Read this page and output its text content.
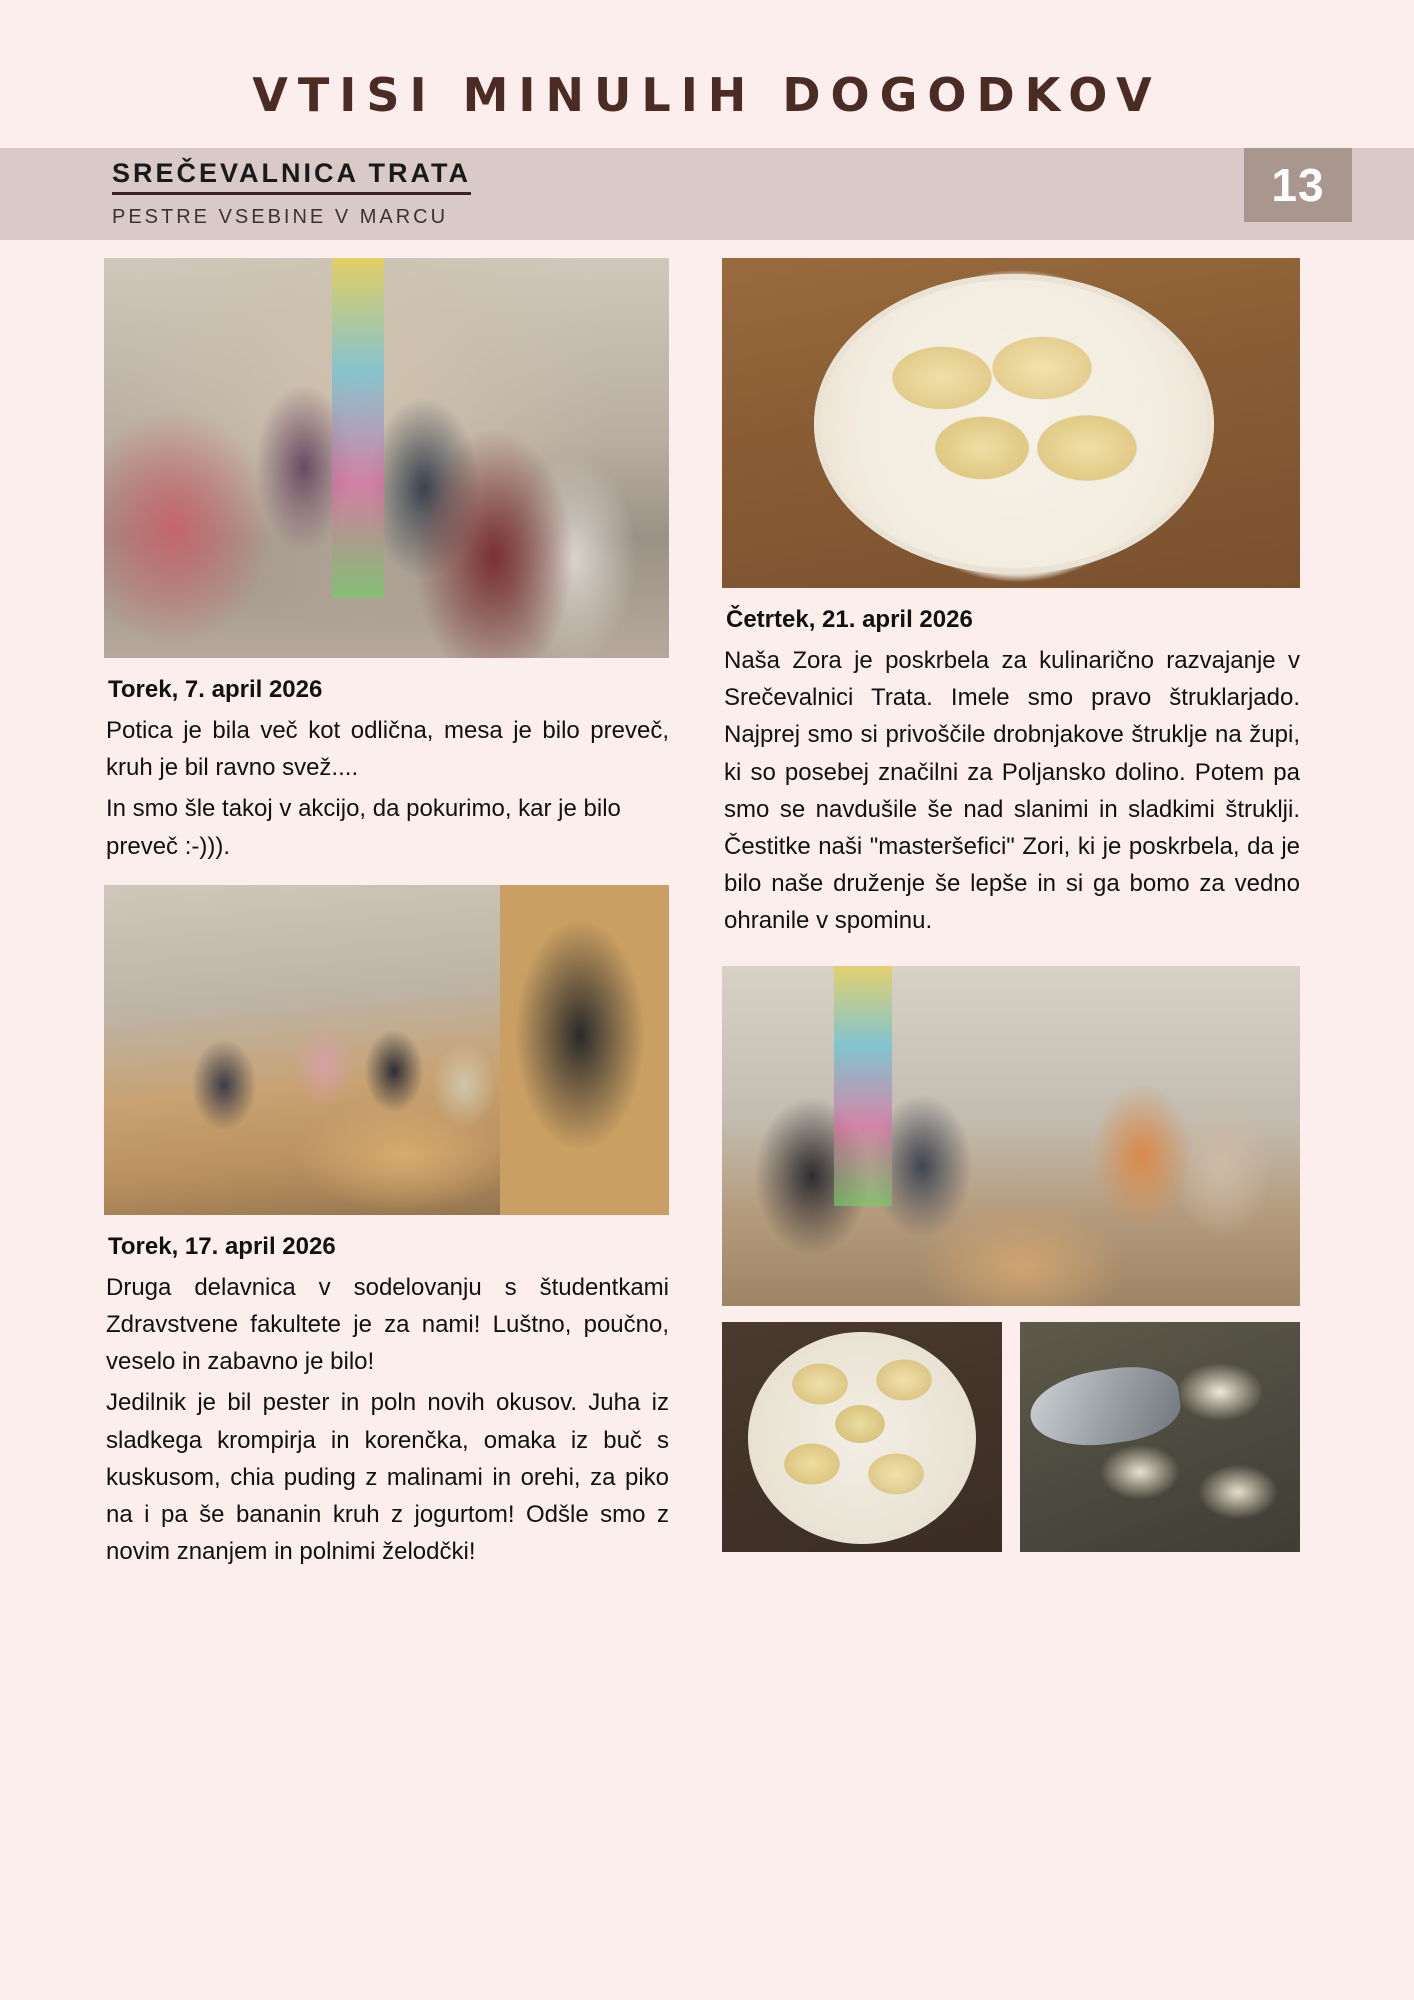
VTISI MINULIH DOGODKOV
SREČEVALNICA TRATA
PESTRE VSEBINE V MARCU
13
Torek, 7. april 2026

Potica je bila več kot odlična, mesa je bilo preveč, kruh je bil ravno svež....

In smo šle takoj v akcijo, da pokurimo, kar je bilo preveč :-))).

Torek, 17. april 2026

Druga delavnica v sodelovanju s študentkami Zdravstvene fakultete je za nami! Luštno, poučno, veselo in zabavno je bilo!

Jedilnik je bil pester in poln novih okusov. Juha iz sladkega krompirja in korenčka, omaka iz buč s kuskusom, chia puding z malinami in orehi, za piko na i pa še bananin kruh z jogurtom! Odšle smo z novim znanjem in polnimi želodčki!

Četrtek, 21. april 2026

Naša Zora je poskrbela za kulinarično razvajanje v Srečevalnici Trata. Imele smo pravo štruklarjado. Najprej smo si privoščile drobnjakove štruklje na župi, ki so posebej značilni za Poljansko dolino. Potem pa smo se navdušile še nad slanimi in sladkimi štruklji. Čestitke naši "masteršefici" Zori, ki je poskrbela, da je bilo naše druženje še lepše in si ga bomo za vedno ohranile v spominu.
